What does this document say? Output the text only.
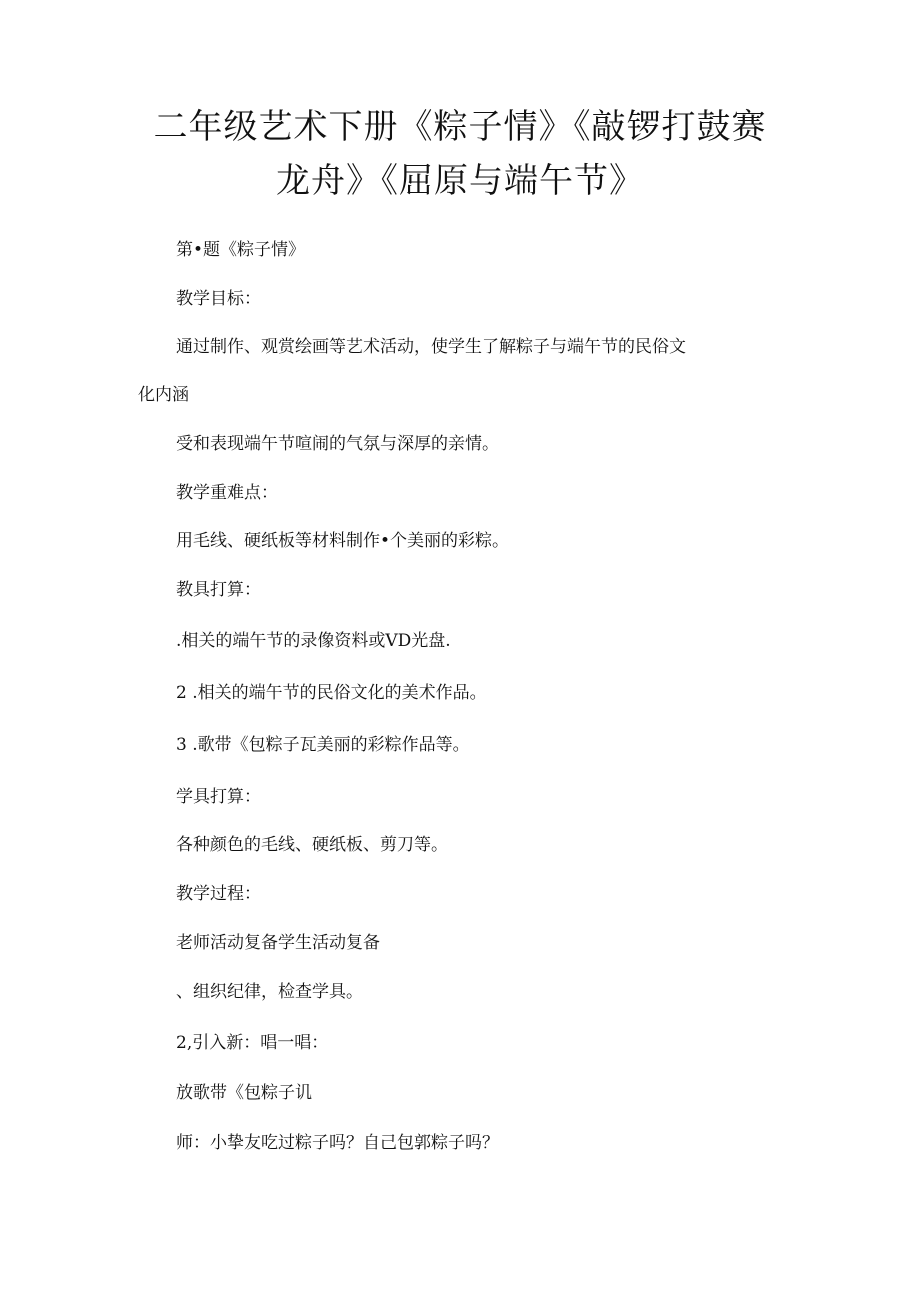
二年级艺术下册《粽子情》《敲锣打鼓赛
龙舟》《屈原与端午节》
第•题《粽子情》
教学目标：
通过制作、观赏绘画等艺术活动，使学生了解粽子与端午节的民俗文
化内涵
受和表现端午节喧闹的气氛与深厚的亲情。
教学重难点：
用毛线、硬纸板等材料制作•个美丽的彩粽。
教具打算：
.相关的端午节的录像资料或VD光盘.
2 .相关的端午节的民俗文化的美术作品。
3 .歌带《包粽子瓦美丽的彩粽作品等。
学具打算：
各种颜色的毛线、硬纸板、剪刀等。
教学过程：
老师活动复备学生活动复备
、组织纪律，检查学具。
2,引入新：唱一唱：
放歌带《包粽子讥
师：小挚友吃过粽子吗？自己包郭粽子吗？
